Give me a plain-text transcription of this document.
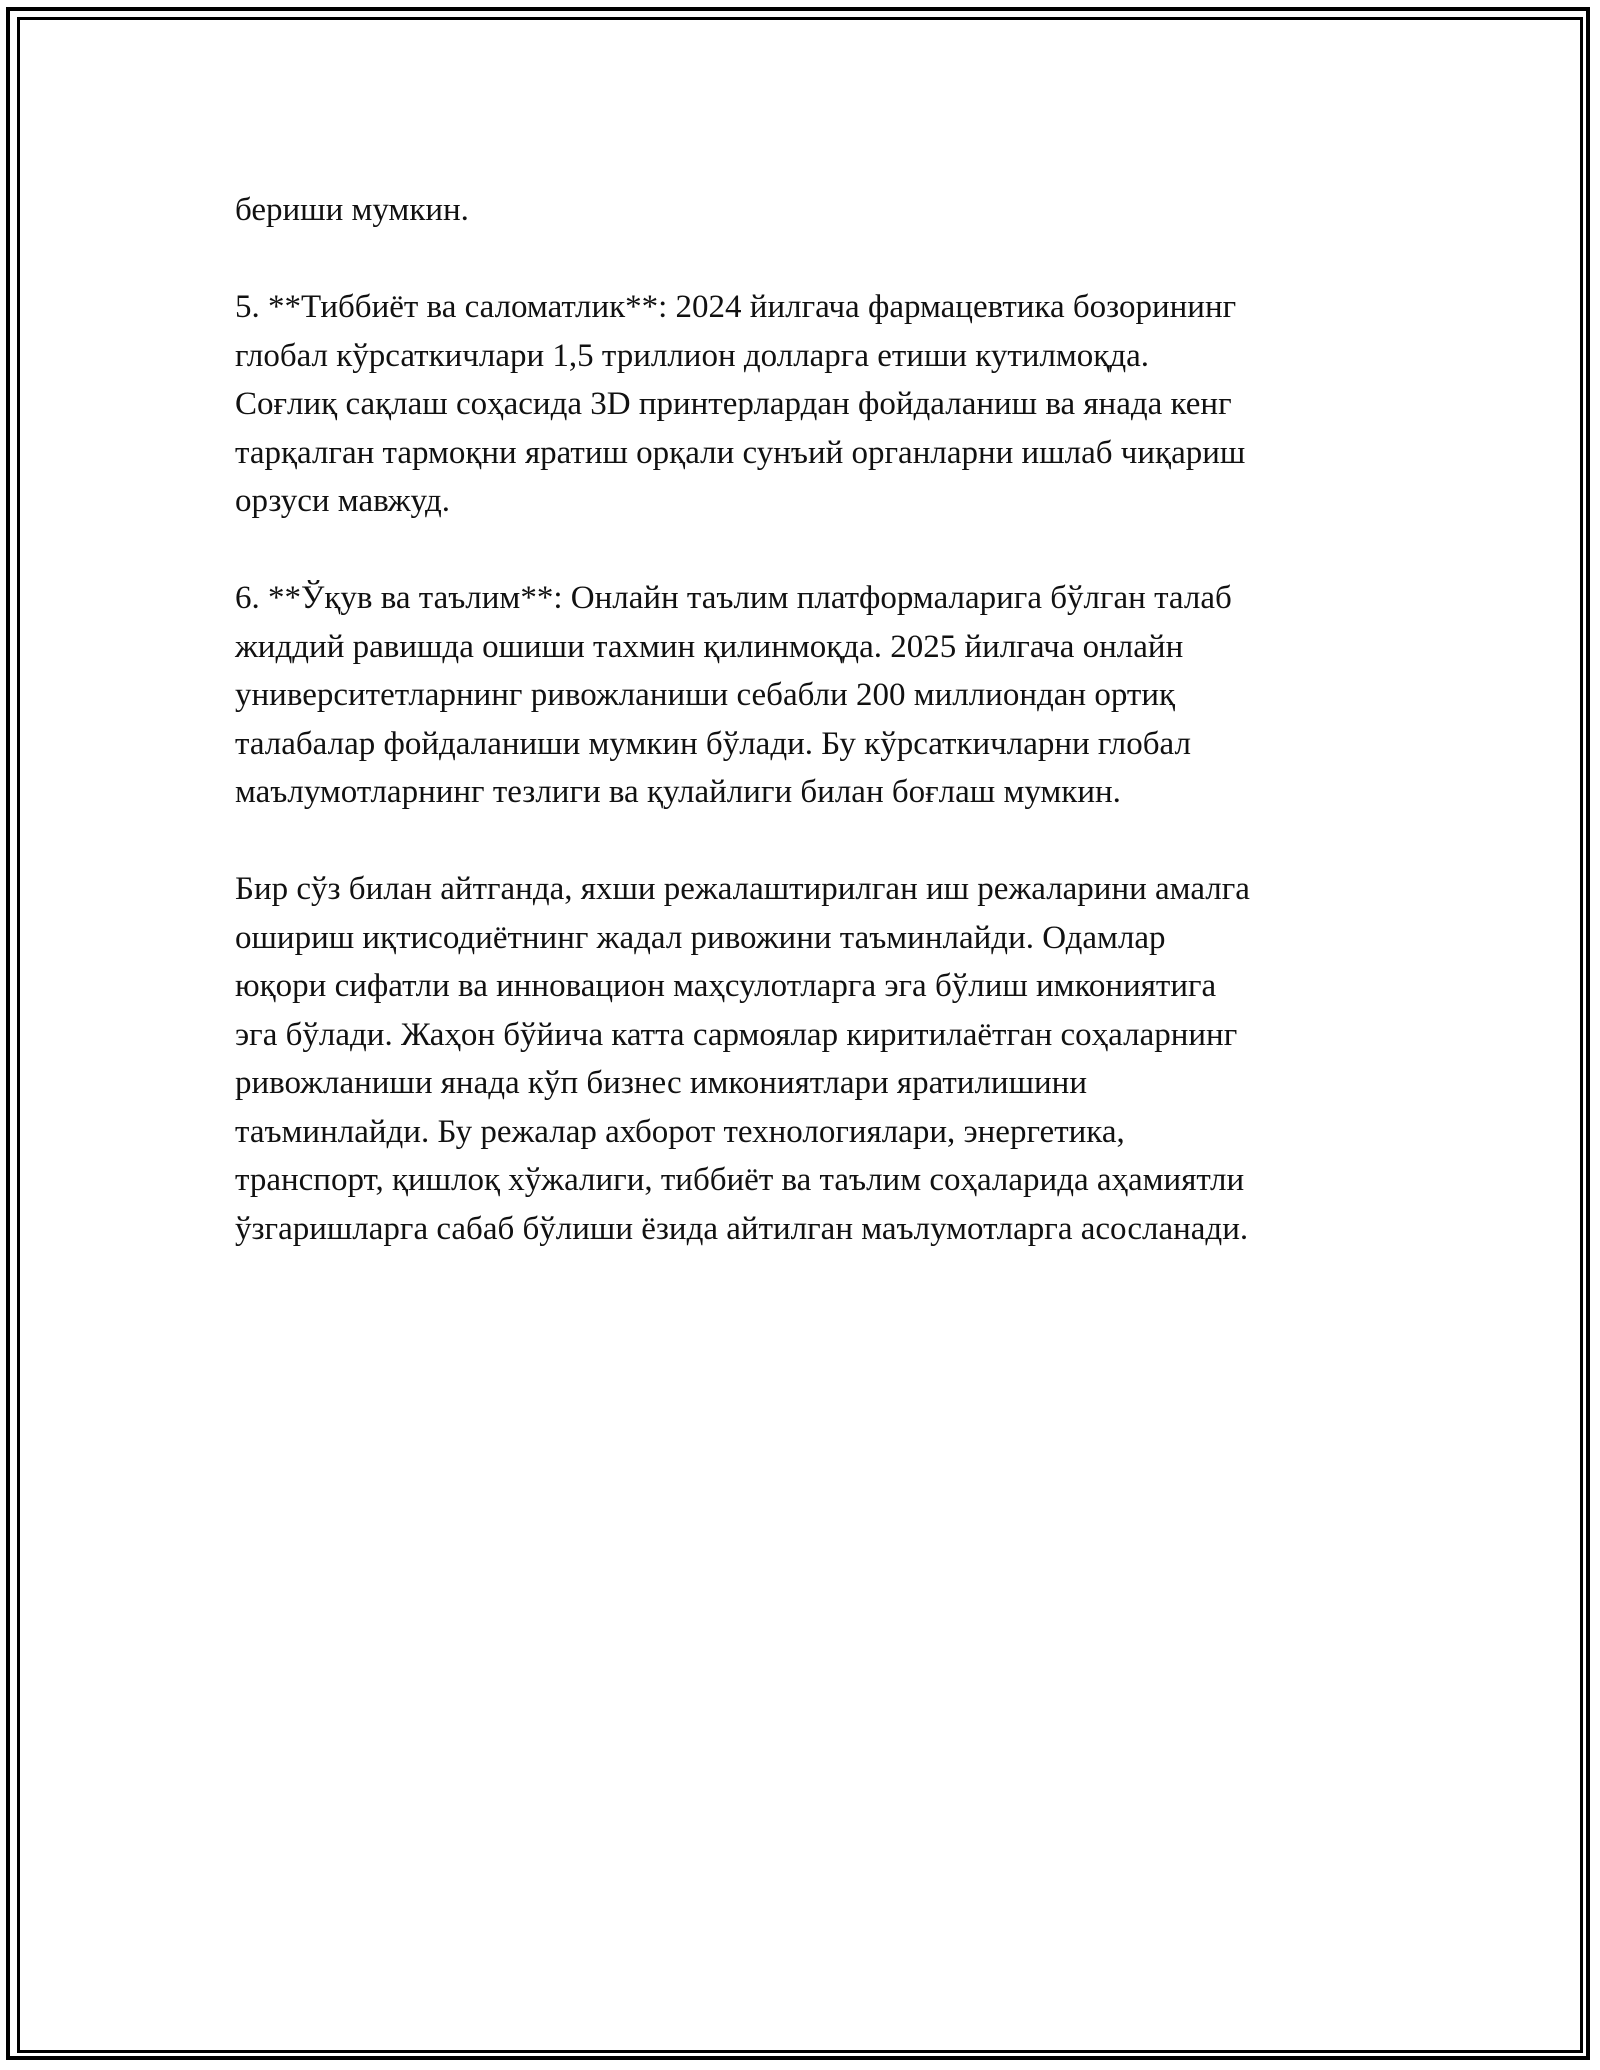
бериши мумкин.

5. **Тиббиёт ва саломатлик**: 2024 йилгача фармацевтика бозорининг
глобал кўрсаткичлари 1,5 триллион долларга етиши кутилмоқда.
Соғлиқ сақлаш соҳасида 3D принтерлардан фойдаланиш ва янада кенг
тарқалган тармоқни яратиш орқали сунъий органларни ишлаб чиқариш
орзуси мавжуд.

6. **Ўқув ва таълим**: Онлайн таълим платформаларига бўлган талаб
жиддий равишда ошиши тахмин қилинмоқда. 2025 йилгача онлайн
университетларнинг ривожланиши себабли 200 миллиондан ортиқ
талабалар фойдаланиши мумкин бўлади. Бу кўрсаткичларни глобал
маълумотларнинг тезлиги ва қулайлиги билан боғлаш мумкин.

Бир сўз билан айтганда, яхши режалаштирилган иш режаларини амалга
ошириш иқтисодиётнинг жадал ривожини таъминлайди. Одамлар
юқори сифатли ва инновацион маҳсулотларга эга бўлиш имкониятига
эга бўлади. Жаҳон бўйича катта сармоялар киритилаётган соҳаларнинг
ривожланиши янада кўп бизнес имкониятлари яратилишини
таъминлайди. Бу режалар ахборот технологиялари, энергетика,
транспорт, қишлоқ хўжалиги, тиббиёт ва таълим соҳаларида аҳамиятли
ўзгаришларга сабаб бўлиши ёзида айтилган маълумотларга асосланади.
